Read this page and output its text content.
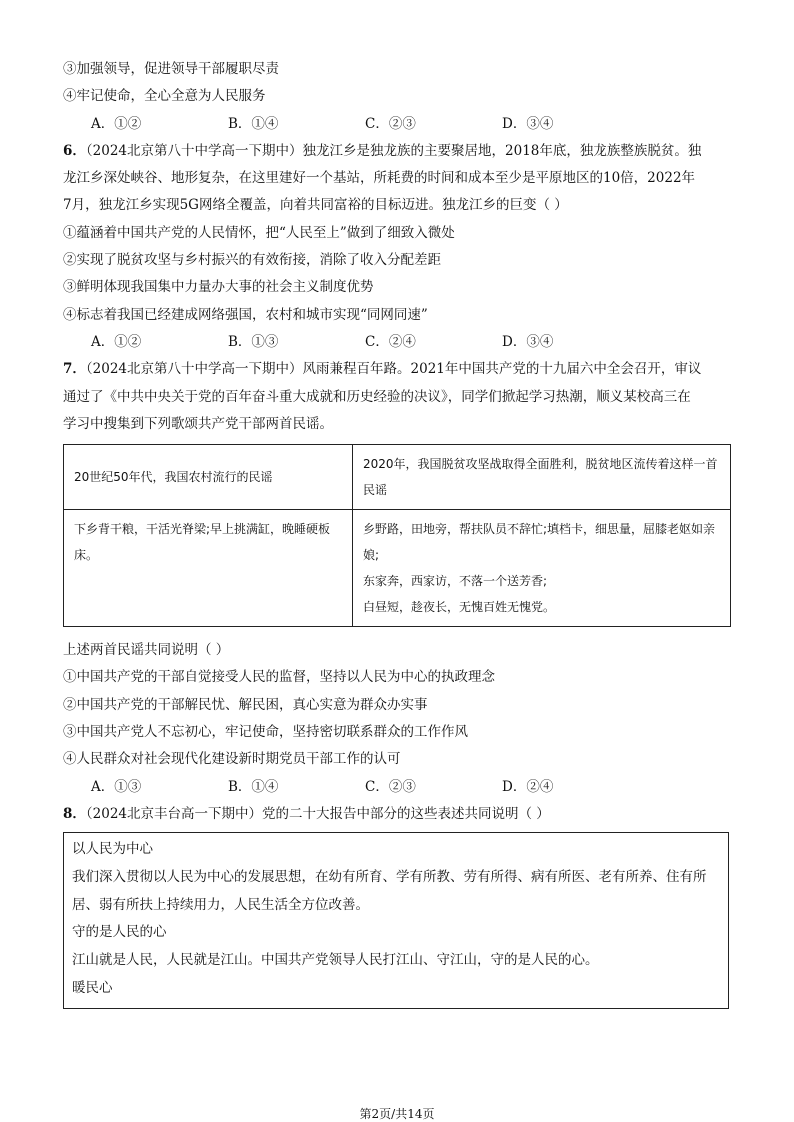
③加强领导，促进领导干部履职尽责
④牢记使命，全心全意为人民服务
A．①②	B．①④	C．②③	D．③④
6．（2024北京第八十中学高一下期中）独龙江乡是独龙族的主要聚居地，2018年底，独龙族整族脱贫。独
龙江乡深处峡谷、地形复杂，在这里建好一个基站，所耗费的时间和成本至少是平原地区的10倍，2022年
7月，独龙江乡实现5G网络全覆盖，向着共同富裕的目标迈进。独龙江乡的巨变（ ）
①蕴涵着中国共产党的人民情怀，把“人民至上”做到了细致入微处
②实现了脱贫攻坚与乡村振兴的有效衔接，消除了收入分配差距
③鲜明体现我国集中力量办大事的社会主义制度优势
④标志着我国已经建成网络强国，农村和城市实现“同网同速”
A．①②	B．①③	C．②④	D．③④
7．（2024北京第八十中学高一下期中）风雨兼程百年路。2021年中国共产党的十九届六中全会召开，审议
通过了《中共中央关于党的百年奋斗重大成就和历史经验的决议》，同学们掀起学习热潮，顺义某校高三在
学习中搜集到下列歌颂共产党干部两首民谣。
20世纪50年代，我国农村流行的民谣	2020年，我国脱贫攻坚战取得全面胜利，脱贫地区流传着这样一首民谣
下乡背干粮，干活光脊梁;早上挑满缸，晚睡硬板床。	乡野路，田地旁，帮扶队员不辞忙;填档卡，细思量，屈膝老妪如亲娘;
东家奔，西家访，不落一个送芳香;
白昼短，趁夜长，无愧百姓无愧党。
上述两首民谣共同说明（ ）
①中国共产党的干部自觉接受人民的监督，坚持以人民为中心的执政理念
②中国共产党的干部解民忧、解民困，真心实意为群众办实事
③中国共产党人不忘初心，牢记使命，坚持密切联系群众的工作作风
④人民群众对社会现代化建设新时期党员干部工作的认可
A．①③	B．①④	C．②③	D．②④
8．（2024北京丰台高一下期中）党的二十大报告中部分的这些表述共同说明（ ）
以人民为中心
我们深入贯彻以人民为中心的发展思想，在幼有所育、学有所教、劳有所得、病有所医、老有所养、住有所居、弱有所扶上持续用力，人民生活全方位改善。
守的是人民的心
江山就是人民，人民就是江山。中国共产党领导人民打江山、守江山，守的是人民的心。
暖民心
第2页/共14页
